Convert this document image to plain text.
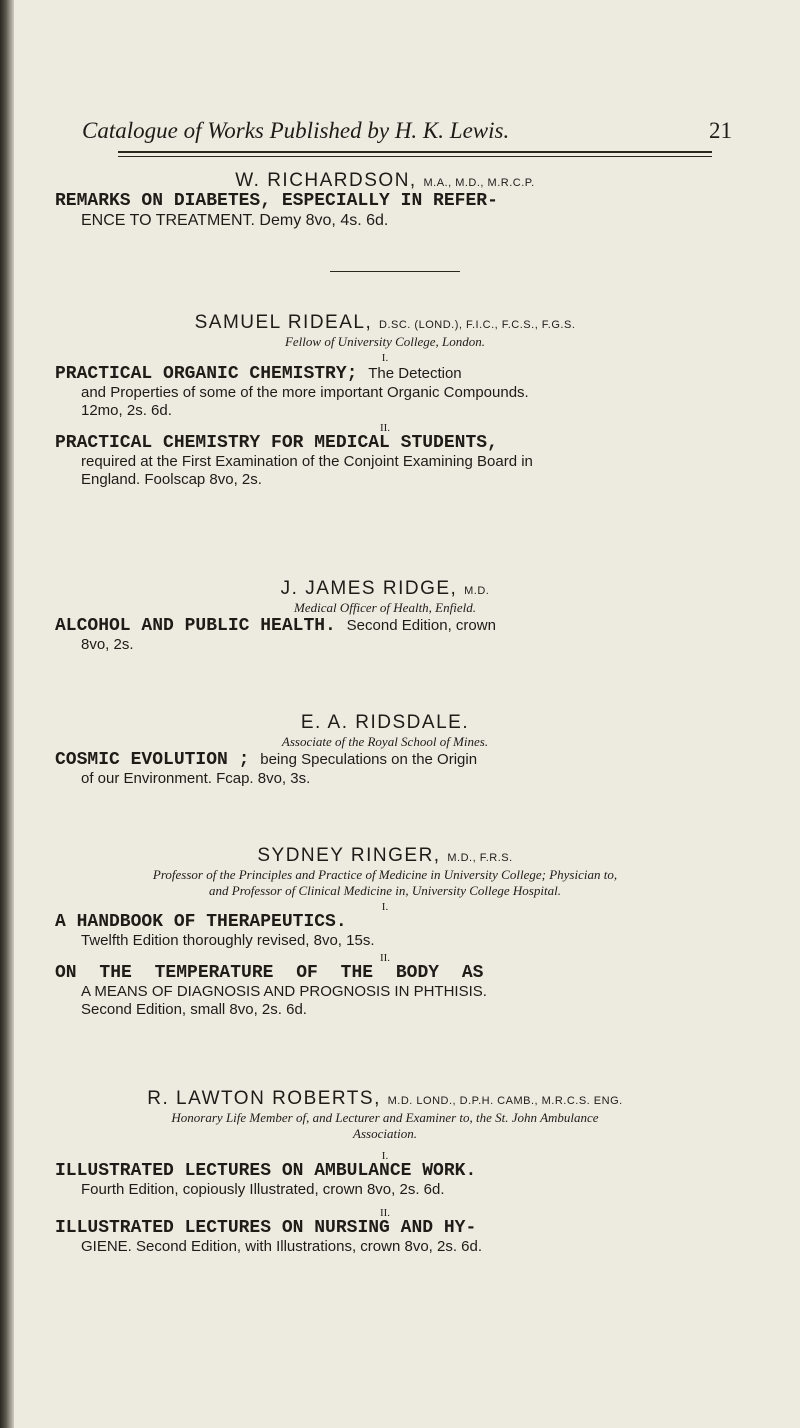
Catalogue of Works Published by H. K. Lewis.	21
W. RICHARDSON, M.A., M.D., M.R.C.P.
REMARKS ON DIABETES, ESPECIALLY IN REFER-
ENCE TO TREATMENT. Demy 8vo, 4s. 6d.
SAMUEL RIDEAL, D.SC. (LOND.), F.I.C., F.C.S., F.G.S.
Fellow of University College, London.
I.
PRACTICAL ORGANIC CHEMISTRY; The Detection
and Properties of some of the more important Organic Compounds.
12mo, 2s. 6d.
II.
PRACTICAL CHEMISTRY FOR MEDICAL STUDENTS,
required at the First Examination of the Conjoint Examining Board in
England. Foolscap 8vo, 2s.
J. JAMES RIDGE, M.D.
Medical Officer of Health, Enfield.
ALCOHOL AND PUBLIC HEALTH. Second Edition, crown
8vo, 2s.
E. A. RIDSDALE.
Associate of the Royal School of Mines.
COSMIC EVOLUTION ; being Speculations on the Origin
of our Environment. Fcap. 8vo, 3s.
SYDNEY RINGER, M.D., F.R.S.
Professor of the Principles and Practice of Medicine in University College; Physician to,
and Professor of Clinical Medicine in, University College Hospital.
I.
A HANDBOOK OF THERAPEUTICS.
Twelfth Edition thoroughly revised, 8vo, 15s.
II.
ON THE TEMPERATURE OF THE BODY AS
A MEANS OF DIAGNOSIS AND PROGNOSIS IN PHTHISIS.
Second Edition, small 8vo, 2s. 6d.
R. LAWTON ROBERTS, M.D. LOND., D.P.H. CAMB., M.R.C.S. ENG.
Honorary Life Member of, and Lecturer and Examiner to, the St. John Ambulance
Association.
I.
ILLUSTRATED LECTURES ON AMBULANCE WORK.
Fourth Edition, copiously Illustrated, crown 8vo, 2s. 6d.
II.
ILLUSTRATED LECTURES ON NURSING AND HY-
GIENE. Second Edition, with Illustrations, crown 8vo, 2s. 6d.
